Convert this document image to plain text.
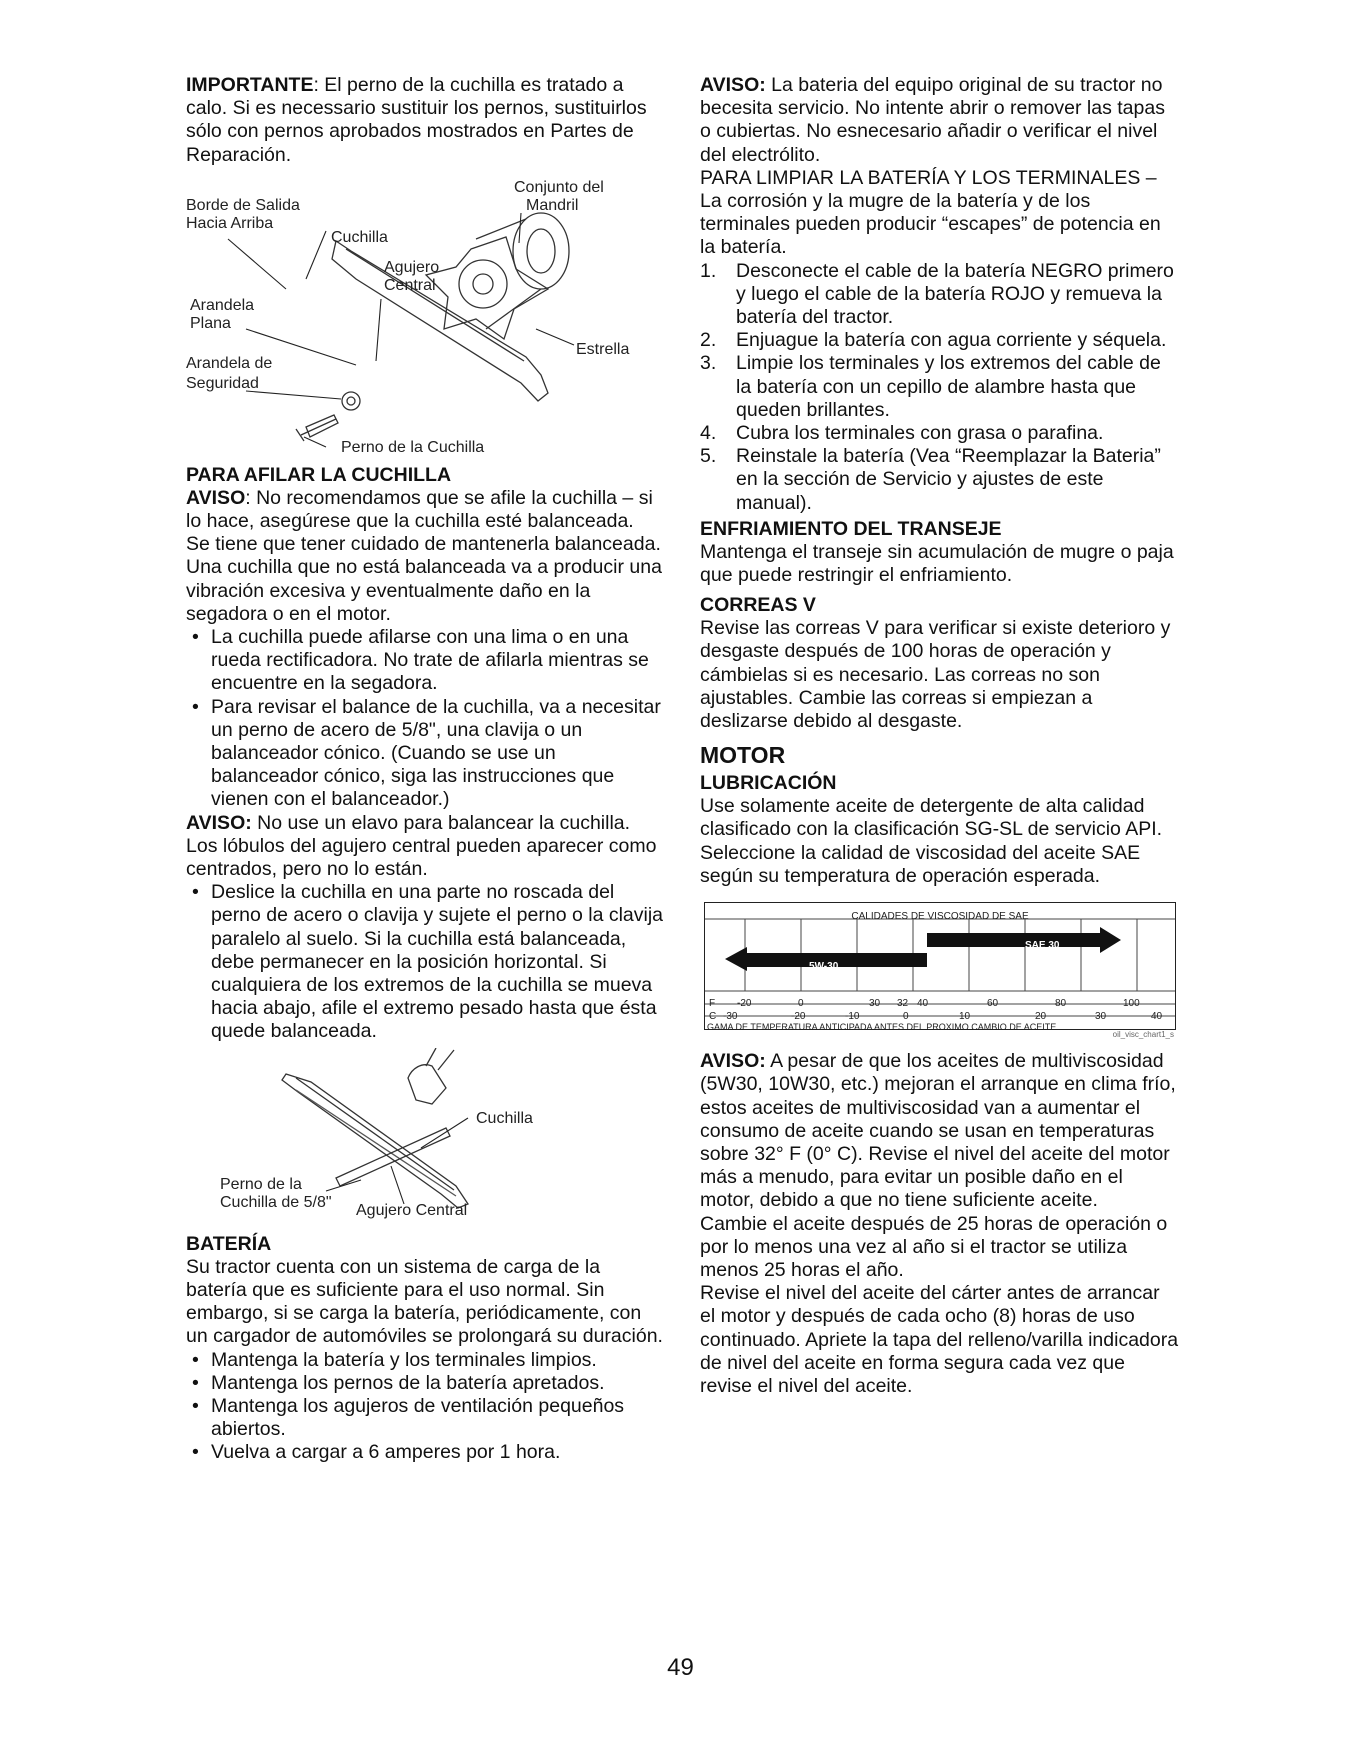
IMPORTANTE: El perno de la cuchilla es tratado a calo. Si es necessario sustituir los pernos, sustituirlos sólo con pernos aprobados mostrados en Partes de Reparación.

Conjunto del
Mandril
Borde de Salida
Hacia Arriba
Cuchilla
Agujero
Central
Arandela
Plana
Estrella
Arandela de
Seguridad
Perno de la Cuchilla
PARA AFILAR LA CUCHILLA

AVISO: No recomendamos que se afile la cuchilla – si lo hace, asegúrese que la cuchilla esté balanceada.

Se tiene que tener cuidado de mantenerla balanceada. Una cuchilla que no está balanceada va a producir una vibración excesiva y eventualmente daño en la segadora o en el motor.

• La cuchilla puede afilarse con una lima o en una rueda rectificadora. No trate de afilarla mientras se encuentre en la segadora.
• Para revisar el balance de la cuchilla, va a necesitar un perno de acero de 5/8", una clavija o un balanceador cónico. (Cuando se use un balanceador cónico, siga las instrucciones que vienen con el balanceador.)

AVISO: No use un elavo para balancear la cuchilla. Los lóbulos del agujero central pueden aparecer como centrados, pero no lo están.

• Deslice la cuchilla en una parte no roscada del perno de acero o clavija y sujete el perno o la clavija paralelo al suelo. Si la cuchilla está balanceada, debe permanecer en la posición horizontal. Si cualquiera de los extremos de la cuchilla se mueva hacia abajo, afile el extremo pesado hasta que ésta quede balanceada.
Cuchilla
Perno de la
Cuchilla de 5/8" Agujero Central
BATERÍA

Su tractor cuenta con un sistema de carga de la batería que es suficiente para el uso normal. Sin embargo, si se carga la batería, periódicamente, con un cargador de automóviles se prolongará su duración.

• Mantenga la batería y los terminales limpios.
• Mantenga los pernos de la batería apretados.
• Mantenga los agujeros de ventilación pequeños abiertos.
• Vuelva a cargar a 6 amperes por 1 hora.

AVISO: La bateria del equipo original de su tractor no becesita servicio. No intente abrir o remover las tapas o cubiertas. No esnecesario añadir o verificar el nivel del electrólito.

PARA LIMPIAR LA BATERÍA Y LOS TERMINALES –

La corrosión y la mugre de la batería y de los terminales pueden producir “escapes” de potencia en la batería.

1. Desconecte el cable de la batería NEGRO primero y luego el cable de la batería ROJO y remueva la batería del tractor.
2. Enjuague la batería con agua corriente y séquela.
3. Limpie los terminales y los extremos del cable de la batería con un cepillo de alambre hasta que queden brillantes.
4. Cubra los terminales con grasa o parafina.
5. Reinstale la batería (Vea “Reemplazar la Bateria” en la sección de Servicio y ajustes de este manual).
ENFRIAMIENTO DEL TRANSEJE

Mantenga el transeje sin acumulación de mugre o paja que puede restringir el enfriamiento.

CORREAS V

Revise las correas V para verificar si existe deterioro y desgaste después de 100 horas de operación y cámbielas si es necesario. Las correas no son ajustables. Cambie las correas si empiezan a deslizarse debido al desgaste.

MOTOR
LUBRICACIÓN

Use solamente aceite de detergente de alta calidad clasificado con la clasificación SG-SL de servicio API. Seleccione la calidad de viscosidad del aceite SAE según su temperatura de operación esperada.

CALIDADES DE VISCOSIDAD DE SAE
5W-30
SAE 30
F -20	0	30 32 40	60	80	100
C -30	-20	-10	0	10	20	30	40
GAMA DE TEMPERATURA ANTICIPADA ANTES DEL PROXIMO CAMBIO DE ACEITE
oil_visc_chart1_s

AVISO: A pesar de que los aceites de multiviscosidad (5W30, 10W30, etc.) mejoran el arranque en clima frío, estos aceites de multiviscosidad van a aumentar el consumo de aceite cuando se usan en temperaturas sobre 32° F (0° C). Revise el nivel del aceite del motor más a menudo, para evitar un posible daño en el motor, debido a que no tiene suficiente aceite.

Cambie el aceite después de 25 horas de operación o por lo menos una vez al año si el tractor se utiliza menos 25 horas el año.

Revise el nivel del aceite del cárter antes de arrancar el motor y después de cada ocho (8) horas de uso continuado. Apriete la tapa del relleno/varilla indicadora de nivel del aceite en forma segura cada vez que revise el nivel del aceite.

49
